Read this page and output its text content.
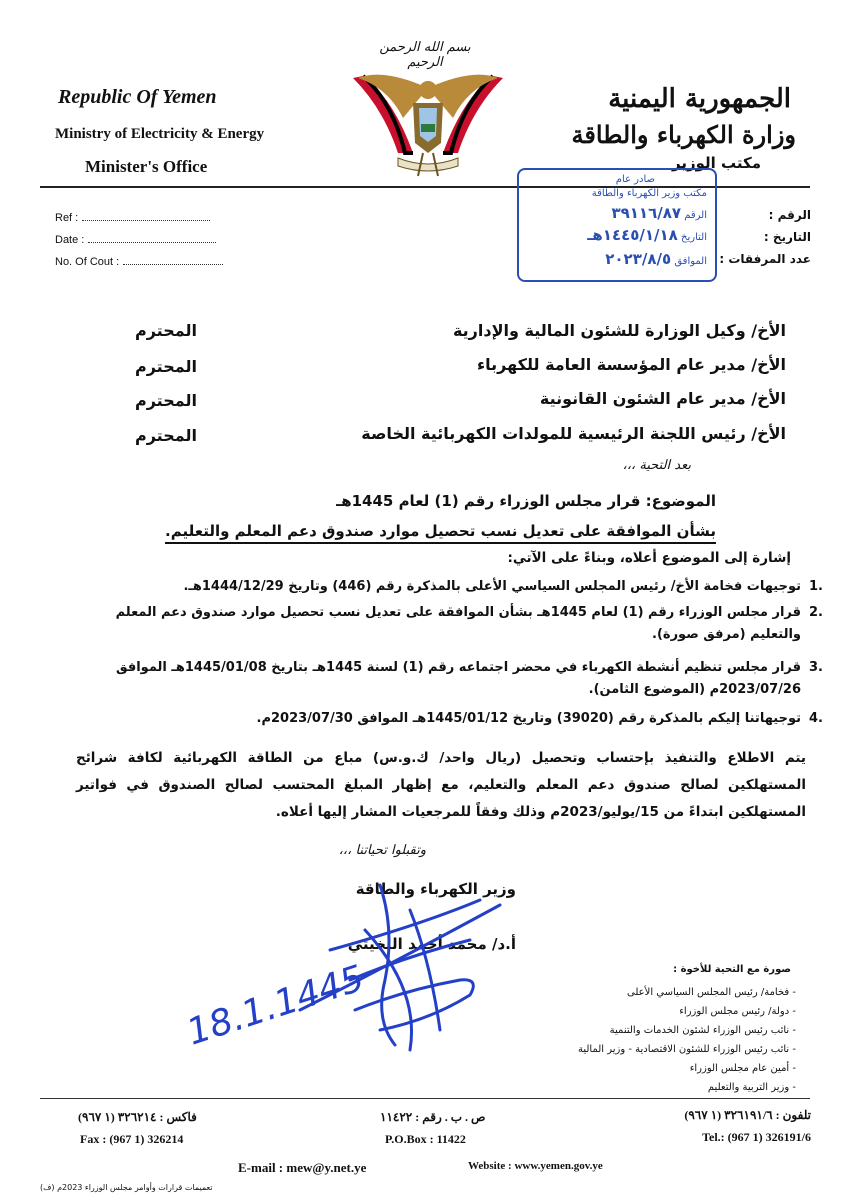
بسم الله الرحمن الرحيم
Republic Of Yemen
Ministry of Electricity & Energy
Minister's Office
الجمهورية اليمنية
وزارة الكهرباء والطاقة
مكتب الوزير
Ref :
Date :
No. Of Cout :
الرقم :
التاريخ :
عدد المرفقات :
صادر عام
مكتب وزير الكهرباء والطاقة
الرقم ٣٩١١٦/٨٧
التاريخ ١٤٤٥/١/١٨هـ
الموافق ٢٠٢٣/٨/٥
الأخ/ وكيل الوزارة للشئون المالية والإدارية
المحترم
الأخ/ مدير عام المؤسسة العامة للكهرباء
المحترم
الأخ/ مدير عام الشئون القانونية
المحترم
الأخ/ رئيس اللجنة الرئيسية للمولدات الكهربائية الخاصة
المحترم
بعد التحية ،،،
الموضوع: قرار مجلس الوزراء رقم (1) لعام 1445هـ
بشأن الموافقة على تعديل نسب تحصيل موارد صندوق دعم المعلم والتعليم.
إشارة إلى الموضوع أعلاه، وبناءً على الآتي:
.1
توجيهات فخامة الأخ/ رئيس المجلس السياسي الأعلى بالمذكرة رقم (446) وتاريخ 1444/12/29هـ.
.2
قرار مجلس الوزراء رقم (1) لعام 1445هـ بشأن الموافقة على تعديل نسب تحصيل موارد صندوق دعم المعلم والتعليم (مرفق صورة).
.3
قرار مجلس تنظيم أنشطة الكهرباء في محضر اجتماعه رقم (1) لسنة 1445هـ بتاريخ 1445/01/08هـ الموافق 2023/07/26م (الموضوع الثامن).
.4
توجيهاتنا إليكم بالمذكرة رقم (39020) وتاريخ 1445/01/12هـ الموافق 2023/07/30م.
يتم الاطلاع والتنفيذ بإحتساب وتحصيل (ريال واحد/ ك.و.س) مباع من الطاقة الكهربائية لكافة شرائح المستهلكين لصالح صندوق دعم المعلم والتعليم، مع إظهار المبلغ المحتسب لصالح الصندوق في فواتير المستهلكين ابتداءً من 15/يوليو/2023م وذلك وفقاً للمرجعيات المشار إليها أعلاه.
وتقبلوا تحياتنا ،،،
وزير الكهرباء والطاقة
أ.د/ محمد أحمد البخيتي
18.1.1445	صورة مع التحية للأخوة :
- فخامة/ رئيس المجلس السياسي الأعلى
- دولة/ رئيس مجلس الوزراء
- نائب رئيس الوزراء لشئون الخدمات والتنمية
- نائب رئيس الوزراء للشئون الاقتصادية - وزير المالية
- أمين عام مجلس الوزراء
- وزير التربية والتعليم
فاكس : ٣٢٦٢١٤ (١ ٩٦٧)	ص . ب . رقم : ١١٤٢٢	تلفون : ٣٢٦١٩١/٦ (١ ٩٦٧)
Fax : (967 1) 326214	P.O.Box : 11422	Tel.: (967 1) 326191/6
E-mail : mew@y.net.ye	Website : www.yemen.gov.ye
تعميمات قرارات وأوامر مجلس الوزراء 2023م (ف)
